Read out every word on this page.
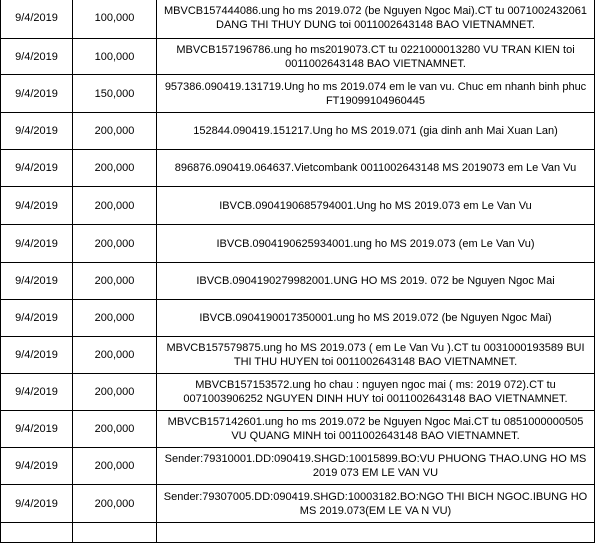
9/4/2019	100,000	MBVCB157444086.ung ho ms 2019.072 (be Nguyen Ngoc Mai).CT tu 0071002432061 DANG THI THUY DUNG toi 0011002643148 BAO VIETNAMNET.
9/4/2019	100,000	MBVCB157196786.ung ho ms2019073.CT tu 0221000013280 VU TRAN KIEN toi 0011002643148 BAO VIETNAMNET.
9/4/2019	150,000	957386.090419.131719.Ung ho ms 2019.074 em le van vu. Chuc em nhanh binh phuc FT19099104960445
9/4/2019	200,000	152844.090419.151217.Ung ho MS 2019.071 (gia dinh anh Mai Xuan Lan)
9/4/2019	200,000	896876.090419.064637.Vietcombank 0011002643148 MS 2019073 em Le Van Vu
9/4/2019	200,000	IBVCB.0904190685794001.Ung ho MS 2019.073 em Le Van Vu
9/4/2019	200,000	IBVCB.0904190625934001.ung ho MS 2019.073 (em Le Van Vu)
9/4/2019	200,000	IBVCB.0904190279982001.UNG HO MS 2019. 072 be Nguyen Ngoc Mai
9/4/2019	200,000	IBVCB.0904190017350001.ung ho MS 2019.072 (be Nguyen Ngoc Mai)
9/4/2019	200,000	MBVCB157579875.ung ho MS 2019.073 ( em Le Van Vu ).CT tu 0031000193589 BUI THI THU HUYEN toi 0011002643148 BAO VIETNAMNET.
9/4/2019	200,000	MBVCB157153572.ung ho chau : nguyen ngoc mai ( ms: 2019 072).CT tu 0071003906252 NGUYEN DINH HUY toi 0011002643148 BAO VIETNAMNET.
9/4/2019	200,000	MBVCB157142601.ung ho ms 2019.072 be Nguyen Ngoc Mai.CT tu 0851000000505 VU QUANG MINH toi 0011002643148 BAO VIETNAMNET.
9/4/2019	200,000	Sender:79310001.DD:090419.SHGD:10015899.BO:VU PHUONG THAO.UNG HO MS 2019 073 EM LE VAN VU
9/4/2019	200,000	Sender:79307005.DD:090419.SHGD:10003182.BO:NGO THI BICH NGOC.IBUNG HO MS 2019.073(EM LE VA N VU)
